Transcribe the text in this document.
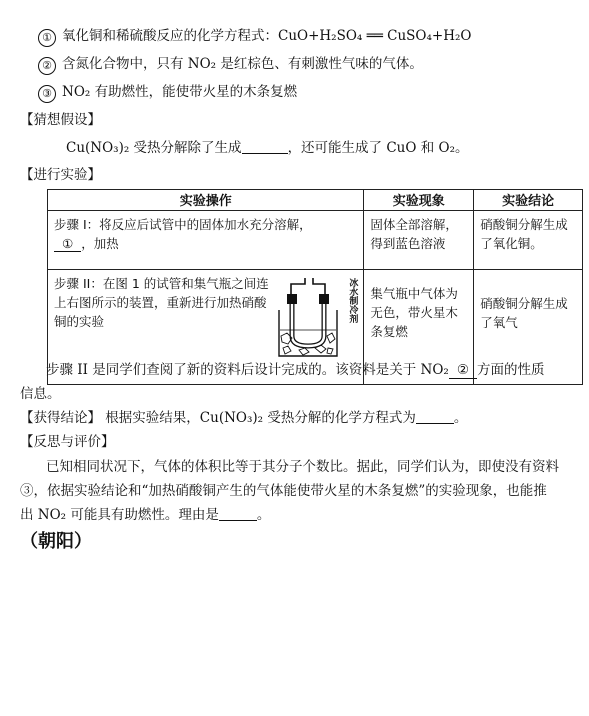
① 氧化铜和稀硫酸反应的化学方程式：CuO+H₂SO₄ ══ CuSO₄+H₂O
② 含氮化合物中，只有 NO₂ 是红棕色、有刺激性气味的气体。
③ NO₂ 有助燃性，能使带火星的木条复燃
【猜想假设】
Cu(NO₃)₂ 受热分解除了生成	，还可能生成了 CuO 和 O₂。
【进行实验】
实验操作	实验现象	实验结论

步骤 I：将反应后试管中的固体加水充分溶解，
① ，加热	固体全部溶解，得到蓝色溶液	硝酸铜分解生成了氧化铜。

冰水制冷剂
步骤 II：在图 1 的试管和集气瓶之间连上右图所示的装置，重新进行加热硝酸铜的实验	集气瓶中气体为无色，带火星木条复燃	硝酸铜分解生成了氧气
步骤 II 是同学们查阅了新的资料后设计完成的。该资料是关于 NO₂ ② 方面的性质
信息。
【获得结论】 根据实验结果，Cu(NO₃)₂ 受热分解的化学方程式为	。
【反思与评价】
已知相同状况下，气体的体积比等于其分子个数比。据此，同学们认为，即使没有资料
③，依据实验结论和“加热硝酸铜产生的气体能使带火星的木条复燃”的实验现象，也能推
出 NO₂ 可能具有助燃性。理由是	。
（朝阳）
